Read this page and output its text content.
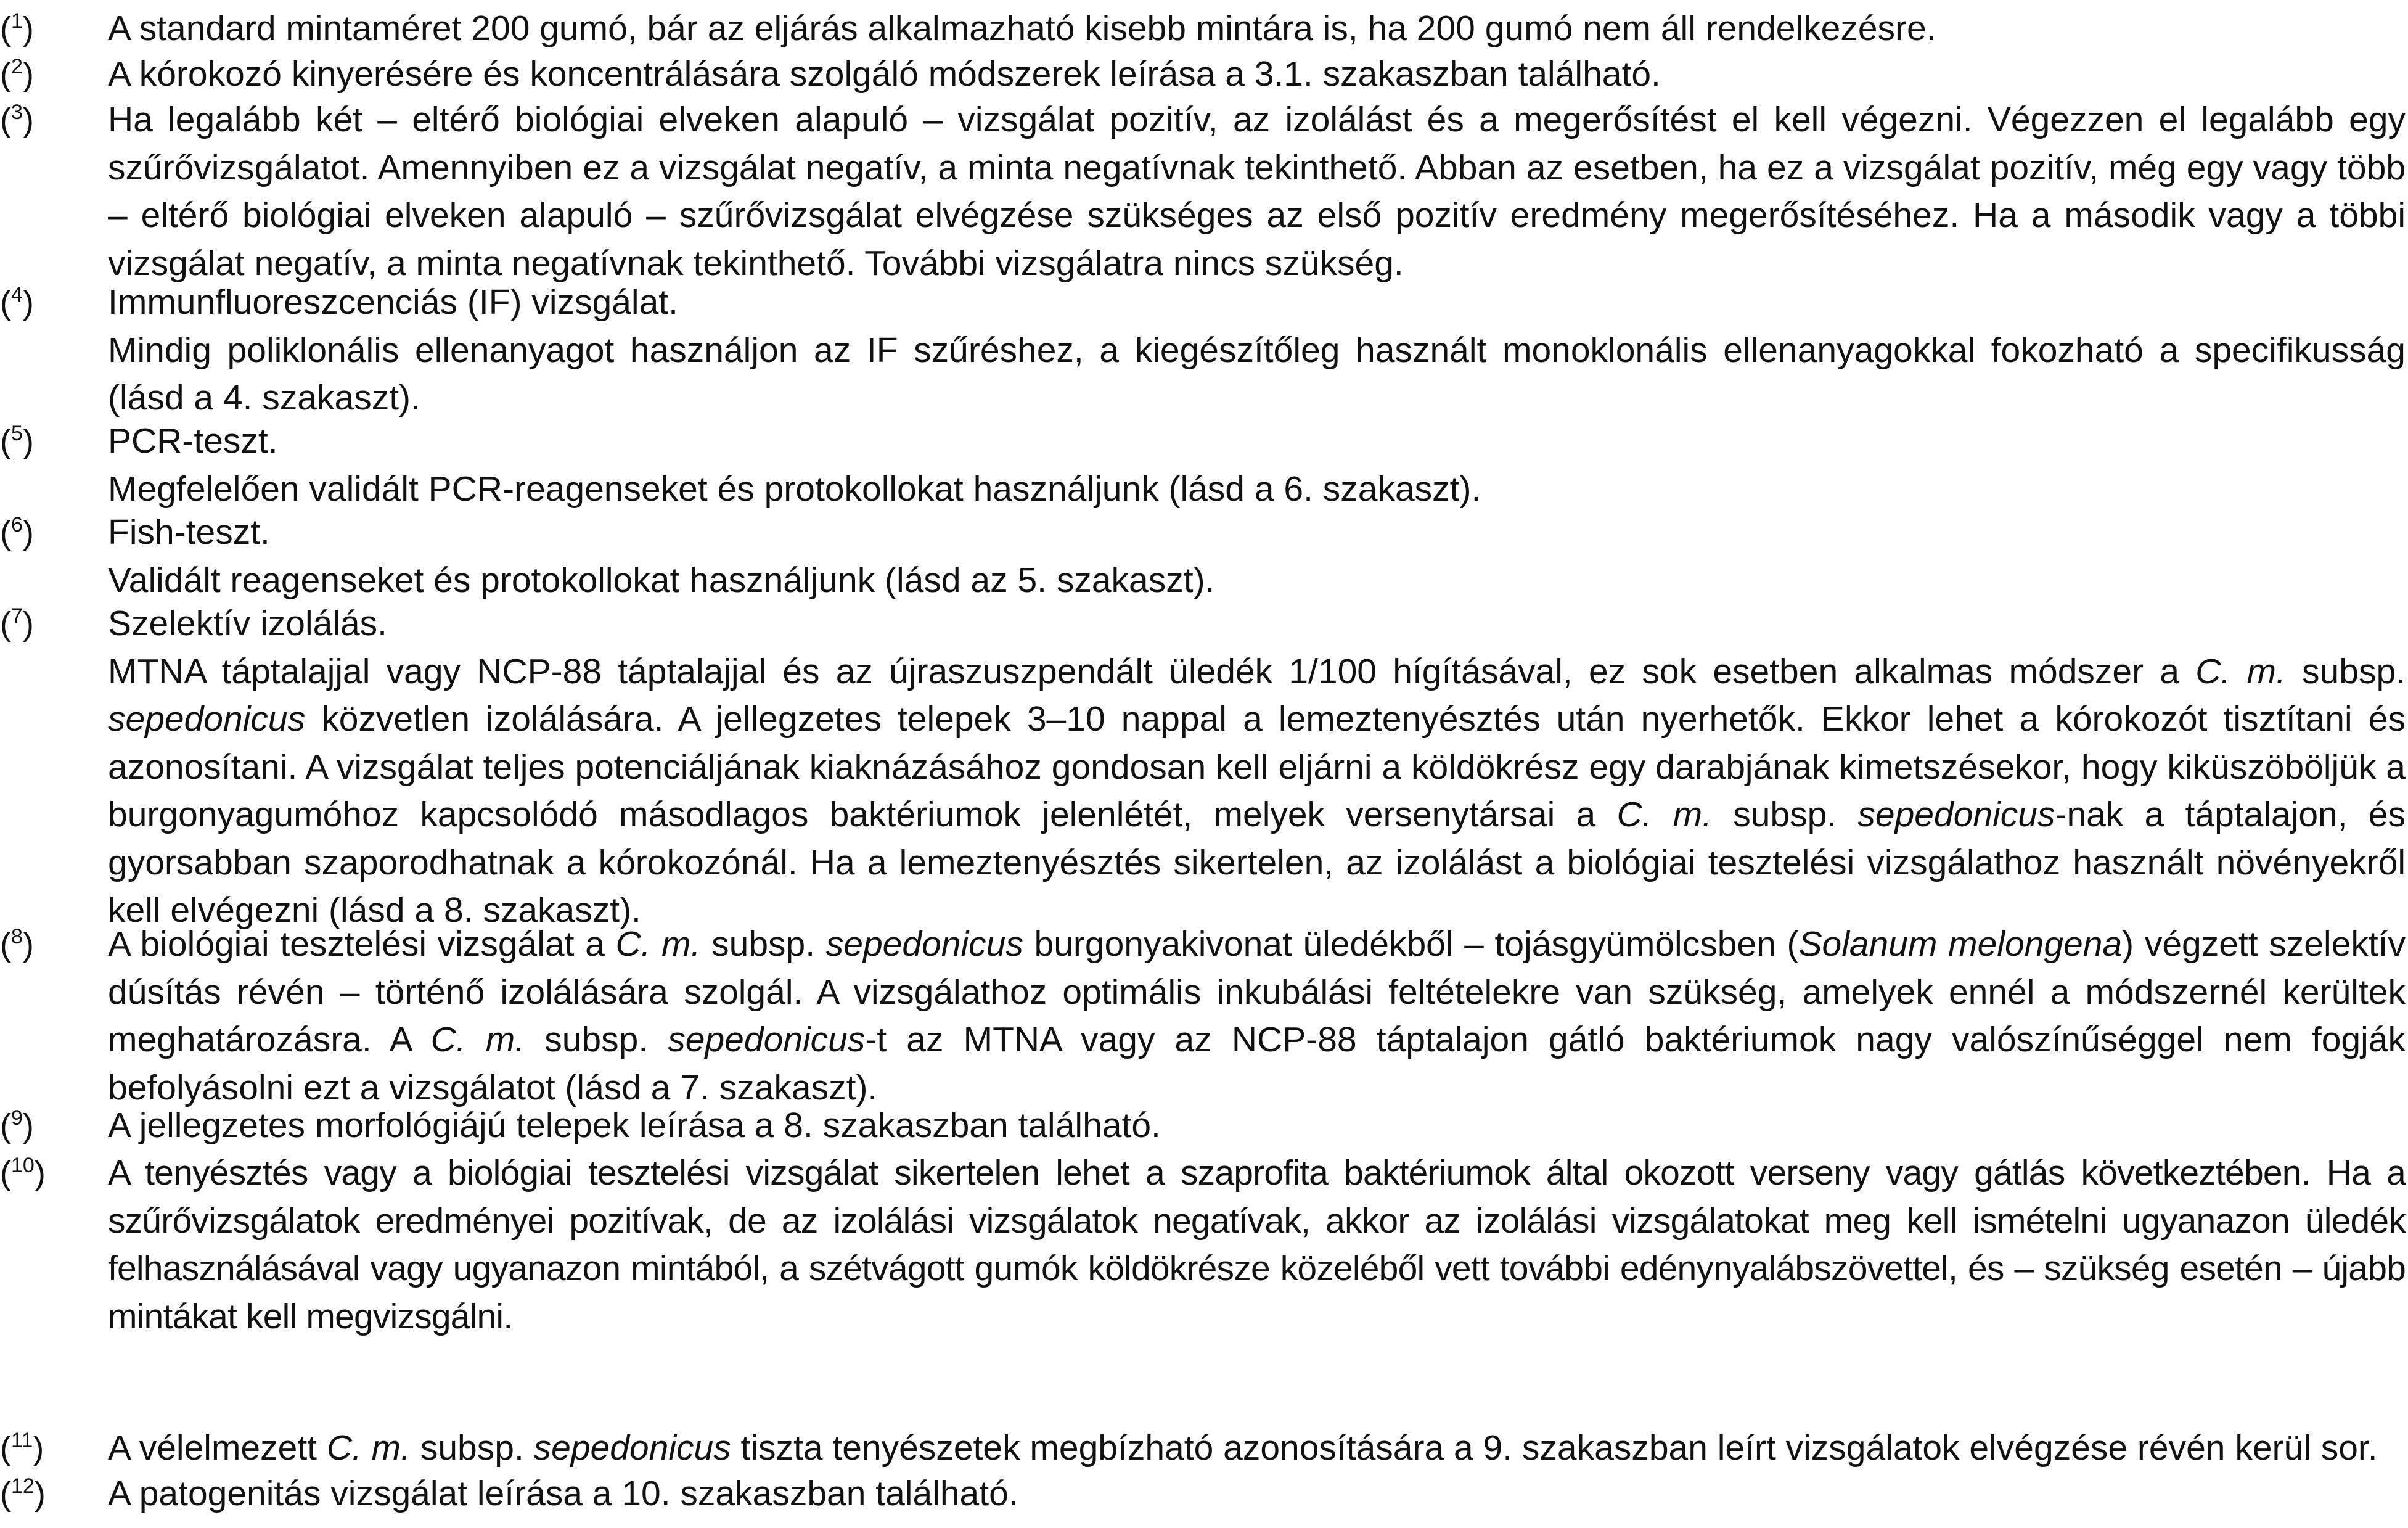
($^1$)	A standard mintaméret 200 gumó, bár az eljárás alkalmazható kisebb mintára is, ha 200 gumó nem áll rendelkezésre.

($^2$)	A kórokozó kinyerésére és koncentrálására szolgáló módszerek leírása a 3.1. szakaszban található.

($^3$)	Ha legalább két – eltérő biológiai elveken alapuló – vizsgálat pozitív, az izolálást és a megerősítést el kell végezni. Végezzen el legalább egy szűrővizsgálatot. Amennyiben ez a vizsgálat negatív, a minta negatívnak tekinthető. Abban az esetben, ha ez a vizsgálat pozitív, még egy vagy több – eltérő biológiai elveken alapuló – szűrővizsgálat elvégzése szükséges az első pozitív eredmény megerősítéséhez. Ha a második vagy a többi vizsgálat negatív, a minta negatívnak tekinthető. További vizsgálatra nincs szükség.

($^4$)	Immunfluoreszcenciás (IF) vizsgálat.

Mindig poliklonális ellenanyagot használjon az IF szűréshez, a kiegészítőleg használt monoklonális ellenanyagokkal fokozható a specifikusság (lásd a 4. szakaszt).

($^5$)	PCR-teszt.

Megfelelően validált PCR-reagenseket és protokollokat használjunk (lásd a 6. szakaszt).

($^6$)	Fish-teszt.

Validált reagenseket és protokollokat használjunk (lásd az 5. szakaszt).

($^7$)	Szelektív izolálás.

MTNA táptalajjal vagy NCP-88 táptalajjal és az újraszuszpendált üledék 1/100 hígításával, ez sok esetben alkalmas módszer a C. m. subsp. sepedonicus közvetlen izolálására. A jellegzetes telepek 3–10 nappal a lemeztenyésztés után nyerhetők. Ekkor lehet a kórokozót tisztítani és azonosítani. A vizsgálat teljes potenciáljának kiaknázásához gondosan kell eljárni a köldökrész egy darabjának kimetszésekor, hogy kiküszöböljük a burgonyagumóhoz kapcsolódó másodlagos baktériumok jelenlétét, melyek versenytársai a C. m. subsp. sepedonicus-nak a táptalajon, és gyorsabban szaporodhatnak a kórokozónál. Ha a lemeztenyésztés sikertelen, az izolálást a biológiai tesztelési vizsgálathoz használt növényekről kell elvégezni (lásd a 8. szakaszt).

($^8$)	A biológiai tesztelési vizsgálat a C. m. subsp. sepedonicus burgonyakivonat üledékből – tojásgyümölcsben (Solanum melongena) végzett szelektív dúsítás révén – történő izolálására szolgál. A vizsgálathoz optimális inkubálási feltételekre van szükség, amelyek ennél a módszernél kerültek meghatározásra. A C. m. subsp. sepedonicus-t az MTNA vagy az NCP-88 táptalajon gátló baktériumok nagy valószínűséggel nem fogják befolyásolni ezt a vizsgálatot (lásd a 7. szakaszt).

($^9$)	A jellegzetes morfológiájú telepek leírása a 8. szakaszban található.

($^{10}$)	A tenyésztés vagy a biológiai tesztelési vizsgálat sikertelen lehet a szaprofita baktériumok által okozott verseny vagy gátlás következtében. Ha a szűrővizsgálatok eredményei pozitívak, de az izolálási vizsgálatok negatívak, akkor az izolálási vizsgálatokat meg kell ismételni ugyanazon üledék felhasználásával vagy ugyanazon mintából, a szétvágott gumók köldökrésze közeléből vett további edénynyalábszövettel, és – szükség esetén – újabb mintákat kell megvizsgálni.

($^{11}$)	A vélelmezett C. m. subsp. sepedonicus tiszta tenyészetek megbízható azonosítására a 9. szakaszban leírt vizsgálatok elvégzése révén kerül sor.

($^{12}$)	A patogenitás vizsgálat leírása a 10. szakaszban található.
